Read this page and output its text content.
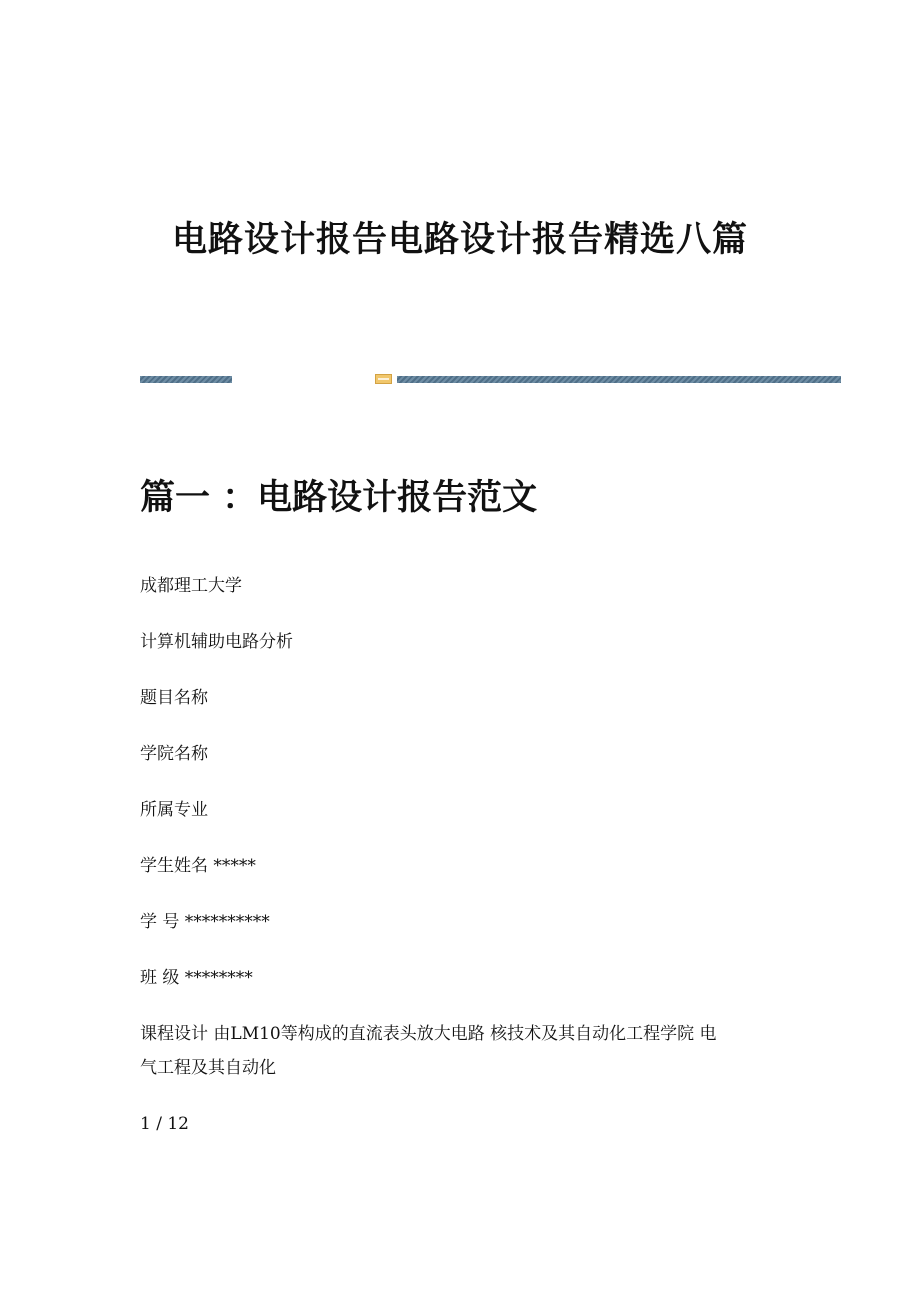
电路设计报告电路设计报告精选八篇
篇一 ：电路设计报告范文
成都理工大学
计算机辅助电路分析
题目名称
学院名称
所属专业
学生姓名 *****
学 号 **********
班 级 ********
课程设计 由LM10等构成的直流表头放大电路 核技术及其自动化工程学院 电
气工程及其自动化
1 / 12
